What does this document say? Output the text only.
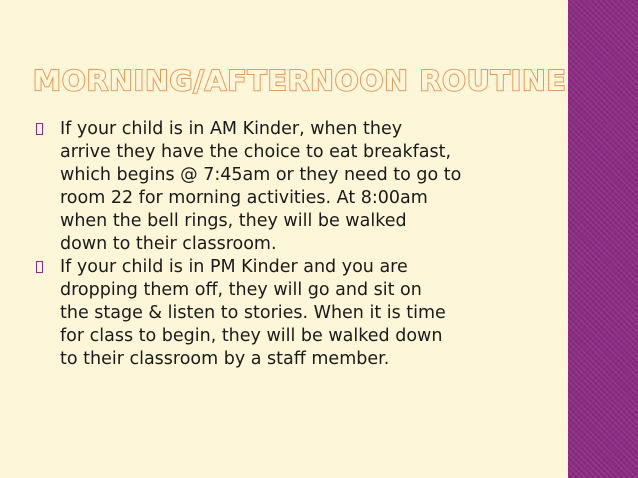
MORNING/AFTERNOON ROUTINE
If your child is in AM Kinder, when they
arrive they have the choice to eat breakfast,
which begins @ 7:45am or they need to go to
room 22 for morning activities. At 8:00am
when the bell rings, they will be walked
down to their classroom.
If your child is in PM Kinder and you are
dropping them off, they will go and sit on
the stage & listen to stories. When it is time
for class to begin, they will be walked down
to their classroom by a staff member.
